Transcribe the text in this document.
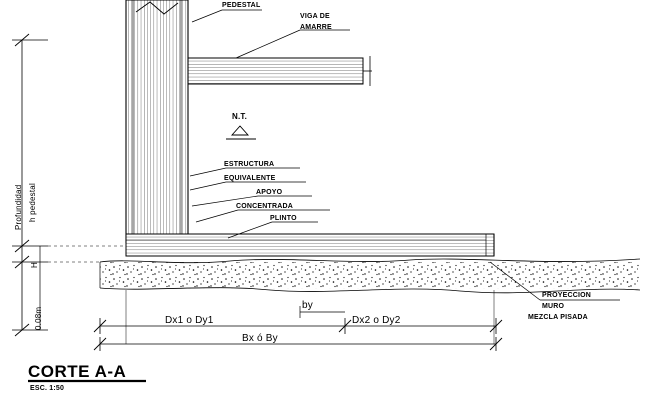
Profundidad h pedestal
H
0.08m
PEDESTAL
VIGA DE
AMARRE
N.T.
ESTRUCTURA
EQUIVALENTE
APOYO
CONCENTRADA
PLINTO
PROYECCION
MURO
MEZCLA PISADA
by
Dx1 o Dy1	Dx2 o Dy2
Bx ó By
CORTE A-A
ESC. 1:50
